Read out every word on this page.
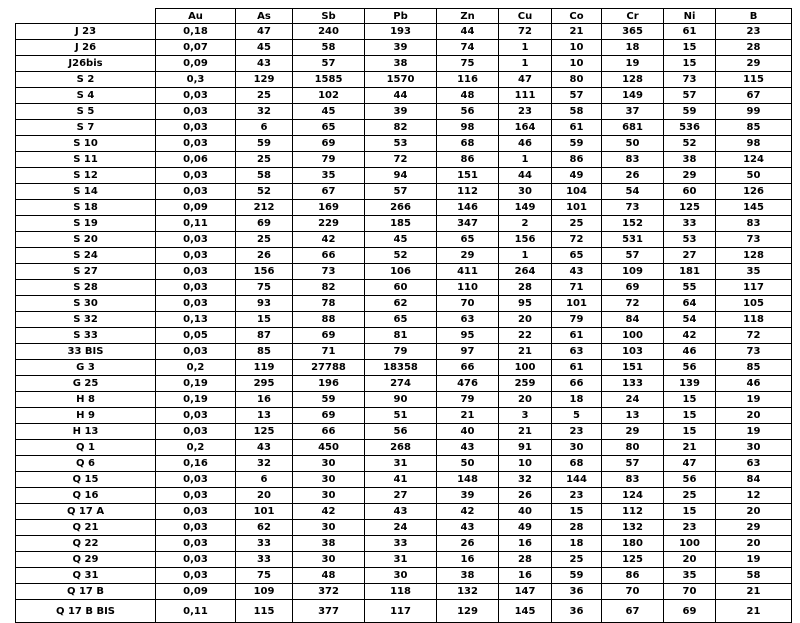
	Au	As	Sb	Pb	Zn	Cu	Co	Cr	Ni	B
J 23	0,18	47	240	193	44	72	21	365	61	23
J 26	0,07	45	58	39	74	1	10	18	15	28
J26bis	0,09	43	57	38	75	1	10	19	15	29
S 2	0,3	129	1585	1570	116	47	80	128	73	115
S 4	0,03	25	102	44	48	111	57	149	57	67
S 5	0,03	32	45	39	56	23	58	37	59	99
S 7	0,03	6	65	82	98	164	61	681	536	85
S 10	0,03	59	69	53	68	46	59	50	52	98
S 11	0,06	25	79	72	86	1	86	83	38	124
S 12	0,03	58	35	94	151	44	49	26	29	50
S 14	0,03	52	67	57	112	30	104	54	60	126
S 18	0,09	212	169	266	146	149	101	73	125	145
S 19	0,11	69	229	185	347	2	25	152	33	83
S 20	0,03	25	42	45	65	156	72	531	53	73
S 24	0,03	26	66	52	29	1	65	57	27	128
S 27	0,03	156	73	106	411	264	43	109	181	35
S 28	0,03	75	82	60	110	28	71	69	55	117
S 30	0,03	93	78	62	70	95	101	72	64	105
S 32	0,13	15	88	65	63	20	79	84	54	118
S 33	0,05	87	69	81	95	22	61	100	42	72
33 BIS	0,03	85	71	79	97	21	63	103	46	73
G 3	0,2	119	27788	18358	66	100	61	151	56	85
G 25	0,19	295	196	274	476	259	66	133	139	46
H 8	0,19	16	59	90	79	20	18	24	15	19
H 9	0,03	13	69	51	21	3	5	13	15	20
H 13	0,03	125	66	56	40	21	23	29	15	19
Q 1	0,2	43	450	268	43	91	30	80	21	30
Q 6	0,16	32	30	31	50	10	68	57	47	63
Q 15	0,03	6	30	41	148	32	144	83	56	84
Q 16	0,03	20	30	27	39	26	23	124	25	12
Q 17 A	0,03	101	42	43	42	40	15	112	15	20
Q 21	0,03	62	30	24	43	49	28	132	23	29
Q 22	0,03	33	38	33	26	16	18	180	100	20
Q 29	0,03	33	30	31	16	28	25	125	20	19
Q 31	0,03	75	48	30	38	16	59	86	35	58
Q 17 B	0,09	109	372	118	132	147	36	70	70	21
Q 17 B BIS	0,11	115	377	117	129	145	36	67	69	21
